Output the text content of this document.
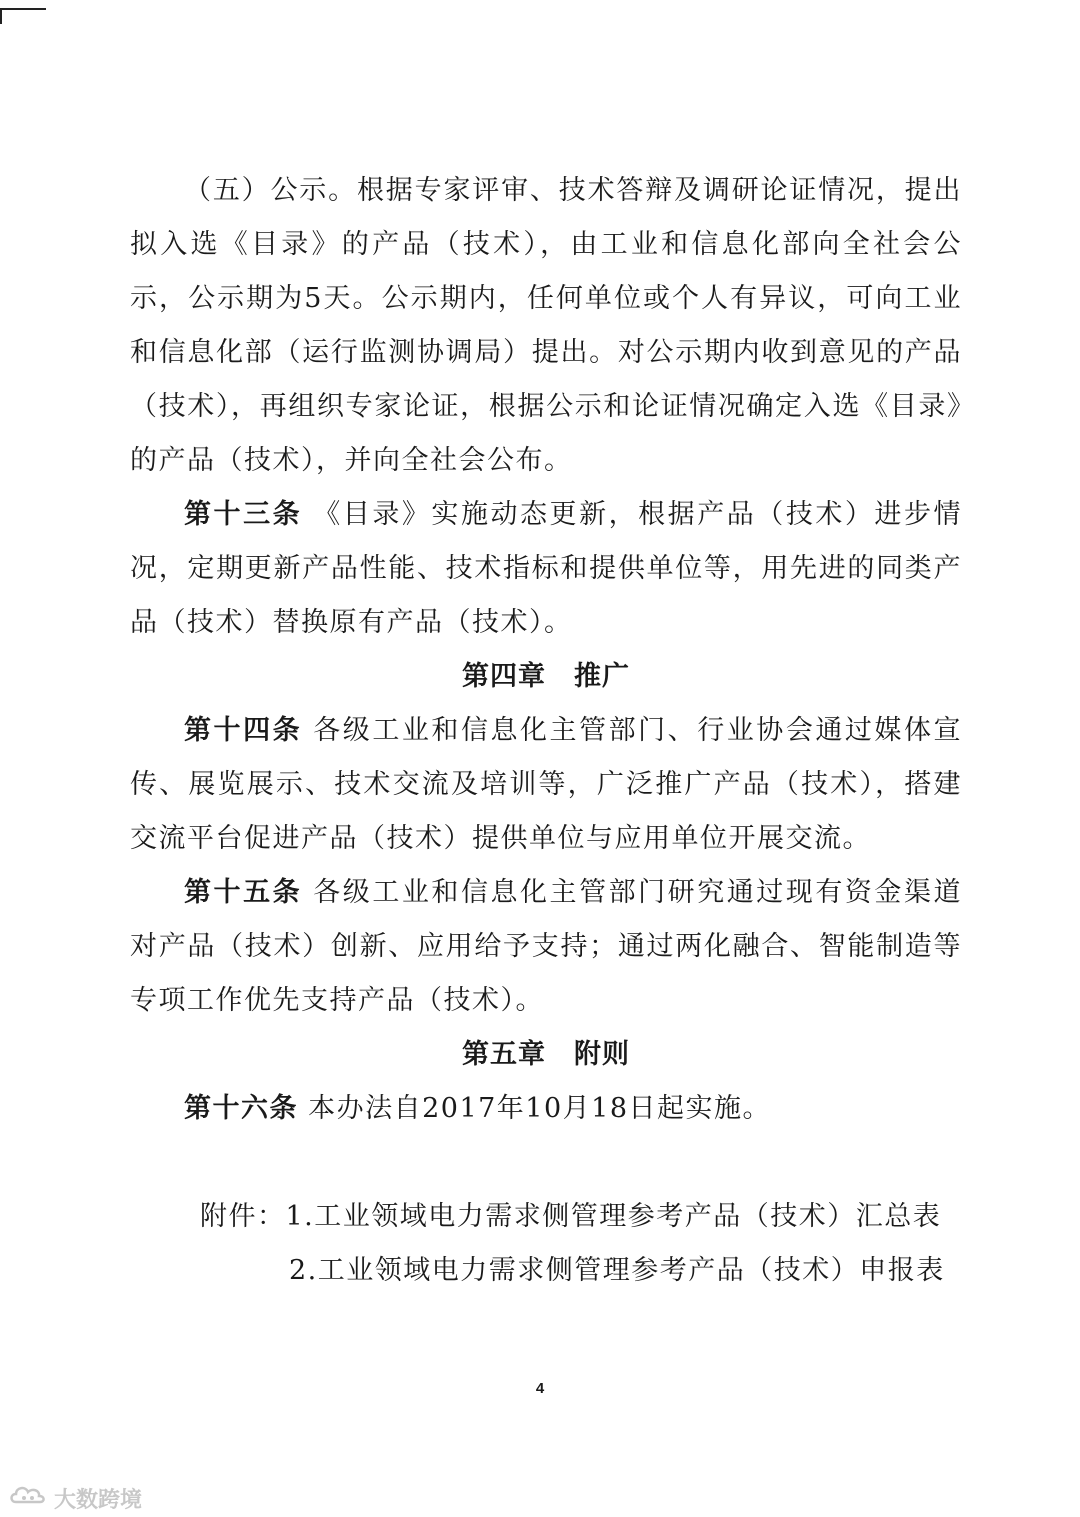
（五）公示。根据专家评审、技术答辩及调研论证情况，提出拟入选《目录》的产品（技术），由工业和信息化部向全社会公示，公示期为5天。公示期内，任何单位或个人有异议，可向工业和信息化部（运行监测协调局）提出。对公示期内收到意见的产品（技术），再组织专家论证，根据公示和论证情况确定入选《目录》的产品（技术），并向全社会公布。

第十三条 《目录》实施动态更新，根据产品（技术）进步情况，定期更新产品性能、技术指标和提供单位等，用先进的同类产品（技术）替换原有产品（技术）。

第四章　推广

第十四条 各级工业和信息化主管部门、行业协会通过媒体宣传、展览展示、技术交流及培训等，广泛推广产品（技术），搭建交流平台促进产品（技术）提供单位与应用单位开展交流。

第十五条 各级工业和信息化主管部门研究通过现有资金渠道对产品（技术）创新、应用给予支持；通过两化融合、智能制造等专项工作优先支持产品（技术）。

第五章　附则

第十六条 本办法自2017年10月18日起实施。

附件：1.工业领域电力需求侧管理参考产品（技术）汇总表
2.工业领域电力需求侧管理参考产品（技术）申报表
4
大数跨境
